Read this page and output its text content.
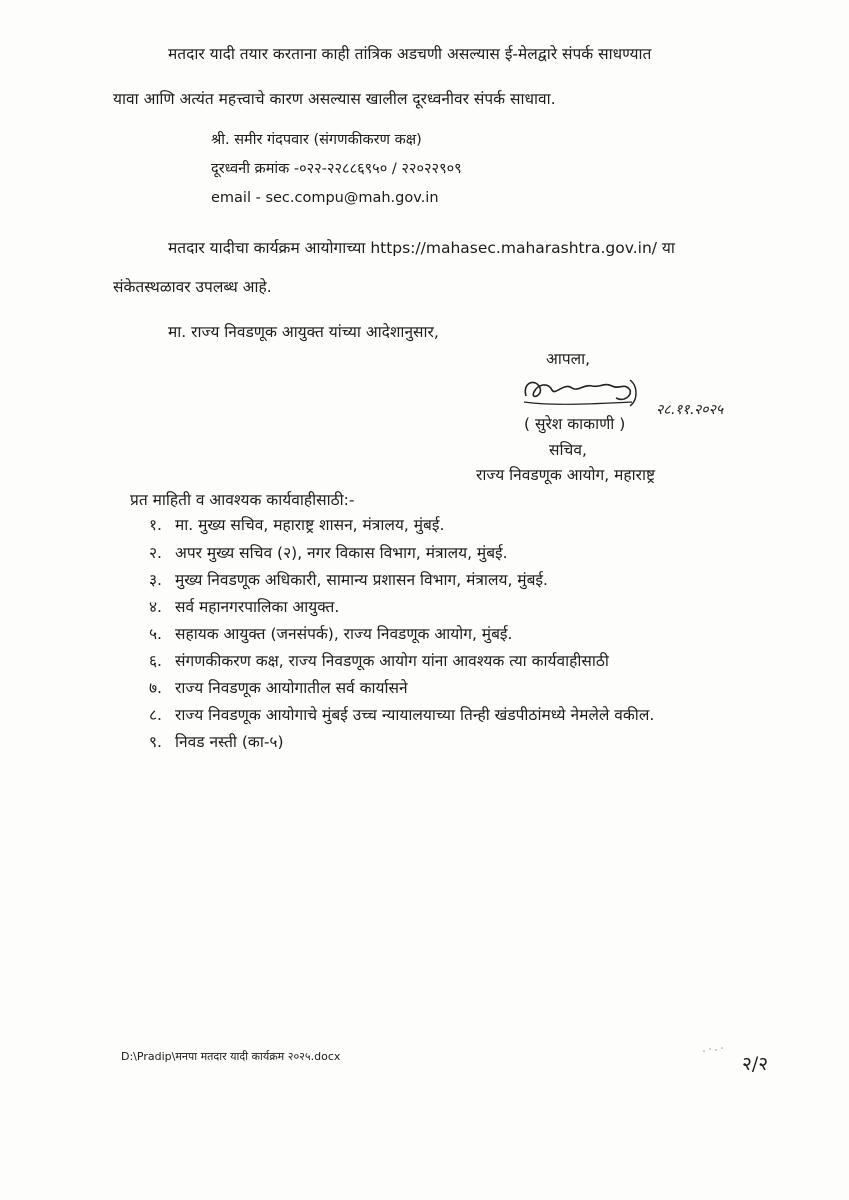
मतदार यादी तयार करताना काही तांत्रिक अडचणी असल्यास ई-मेलद्वारे संपर्क साधण्यात
यावा आणि अत्यंत महत्त्वाचे कारण असल्यास खालील दूरध्वनीवर संपर्क साधावा.
श्री. समीर गंदपवार (संगणकीकरण कक्ष)
दूरध्वनी क्रमांक -०२२-२२८८६९५० / २२०२२९०९
email - sec.compu@mah.gov.in
मतदार यादीचा कार्यक्रम आयोगाच्या https://mahasec.maharashtra.gov.in/ या
संकेतस्थळावर उपलब्ध आहे.
मा. राज्य निवडणूक आयुक्त यांच्या आदेशानुसार,
आपला,
२८.११.२०२५
( सुरेश काकाणी )
सचिव,
राज्य निवडणूक आयोग, महाराष्ट्र
प्रत माहिती व आवश्यक कार्यवाहीसाठी:-
१. मा. मुख्य सचिव, महाराष्ट्र शासन, मंत्रालय, मुंबई.
२. अपर मुख्य सचिव (२), नगर विकास विभाग, मंत्रालय, मुंबई.
३. मुख्य निवडणूक अधिकारी, सामान्य प्रशासन विभाग, मंत्रालय, मुंबई.
४. सर्व महानगरपालिका आयुक्त.
५. सहायक आयुक्त (जनसंपर्क), राज्य निवडणूक आयोग, मुंबई.
६. संगणकीकरण कक्ष, राज्य निवडणूक आयोग यांना आवश्यक त्या कार्यवाहीसाठी
७. राज्य निवडणूक आयोगातील सर्व कार्यासने
८. राज्य निवडणूक आयोगाचे मुंबई उच्च न्यायालयाच्या तिन्ही खंडपीठांमध्ये नेमलेले वकील.
९. निवड नस्ती (का-५)
D:\Pradip\मनपा मतदार यादी कार्यक्रम २०२५.docx	२/२
